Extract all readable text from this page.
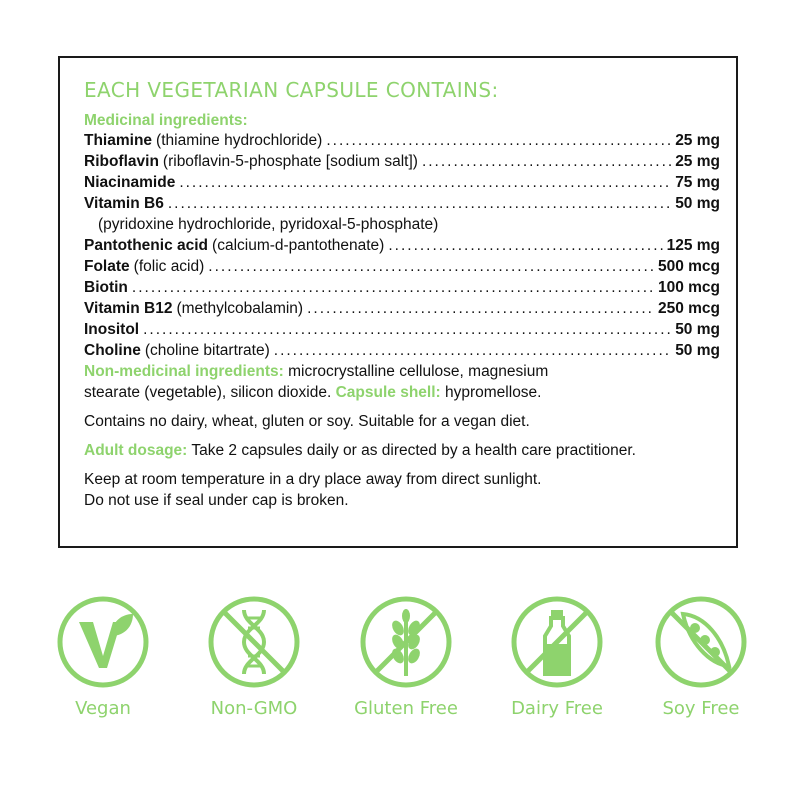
EACH VEGETARIAN CAPSULE CONTAINS:
Medicinal ingredients:
Thiamine (thiamine hydrochloride) .....	25 mg
Riboflavin (riboflavin-5-phosphate [sodium salt]) .....	25 mg
Niacinamide .....	75 mg
Vitamin B6 .....	50 mg
(pyridoxine hydrochloride, pyridoxal-5-phosphate)
Pantothenic acid (calcium-d-pantothenate) .....	125 mg
Folate (folic acid) .....	500 mcg
Biotin .....	100 mcg
Vitamin B12 (methylcobalamin) .....	250 mcg
Inositol .....	50 mg
Choline (choline bitartrate) .....	50 mg
Non-medicinal ingredients: microcrystalline cellulose, magnesium
stearate (vegetable), silicon dioxide. Capsule shell: hypromellose.
Contains no dairy, wheat, gluten or soy. Suitable for a vegan diet.
Adult dosage: Take 2 capsules daily or as directed by a health care practitioner.
Keep at room temperature in a dry place away from direct sunlight.
Do not use if seal under cap is broken.
Vegan	Non-GMO	Gluten Free	Dairy Free	Soy Free
